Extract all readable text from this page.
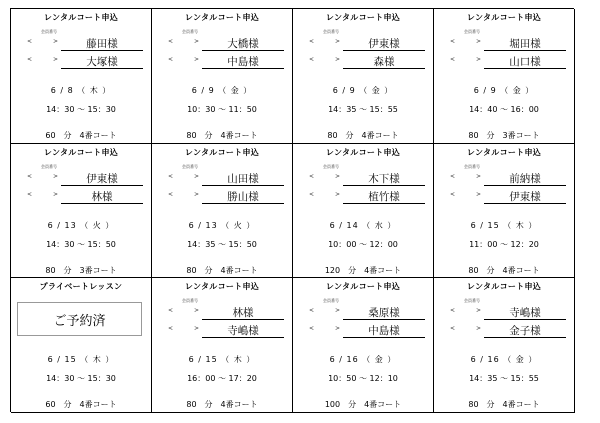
レンタルコート申込
会員番号
<	>	藤田様
<	>	大塚様
6 / 8 （ 木 ）
14：30 ～ 15：30
60　分　4番コート
レンタルコート申込
会員番号
<	>	大橋様
<	>	中島様
6 / 9 （ 金 ）
10：30 ～ 11：50
80　分　4番コート
レンタルコート申込
会員番号
<	>	伊東様
<	>	森様
6 / 9 （ 金 ）
14：35 ～ 15：55
80　分　4番コート
レンタルコート申込
会員番号
<	>	堀田様
<	>	山口様
6 / 9 （ 金 ）
14：40 ～ 16：00
80　分　3番コート
レンタルコート申込
会員番号
<	>	伊東様
<	>	林様
6 / 13 （ 火 ）
14：30 ～ 15：50
80　分　3番コート
レンタルコート申込
会員番号
<	>	山田様
<	>	勝山様
6 / 13 （ 火 ）
14：35 ～ 15：50
80　分　4番コート
レンタルコート申込
会員番号
<	>	木下様
<	>	植竹様
6 / 14 （ 水 ）
10：00 ～ 12：00
120　分　4番コート
レンタルコート申込
会員番号
<	>	前納様
<	>	伊東様
6 / 15 （ 木 ）
11：00 ～ 12：20
80　分　4番コート
プライベートレッスン
ご予約済
6 / 15 （ 木 ）
14：30 ～ 15：30
60　分　4番コート
レンタルコート申込
会員番号
<	>	林様
<	>	寺嶋様
6 / 15 （ 木 ）
16：00 ～ 17：20
80　分　4番コート
レンタルコート申込
会員番号
<	>	桑原様
<	>	中島様
6 / 16 （ 金 ）
10：50 ～ 12：10
100　分　4番コート
レンタルコート申込
会員番号
<	>	寺嶋様
<	>	金子様
6 / 16 （ 金 ）
14：35 ～ 15：55
80　分　4番コート
